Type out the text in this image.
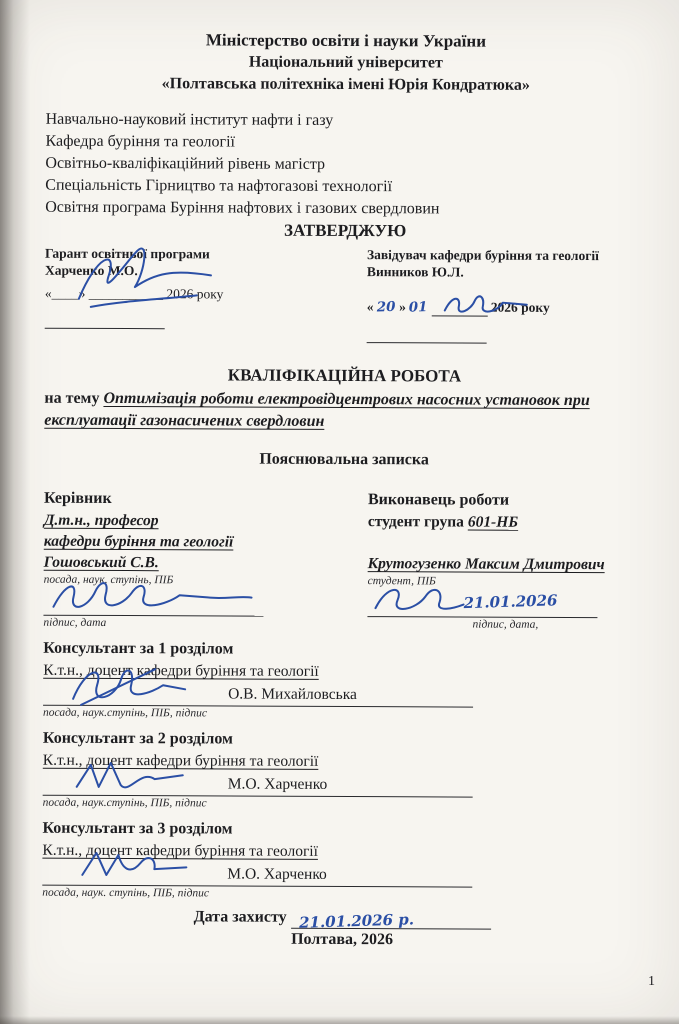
Міністерство освіти і науки України
Національний університет
«Полтавська політехніка імені Юрія Кондратюка»
Навчально-науковий інститут нафти і газу
Кафедра буріння та геології
Освітньо-кваліфікаційний рівень магістр
Спеціальність Гірництво та нафтогазові технології
Освітня програма Буріння нафтових і газових свердловин
ЗАТВЕРДЖУЮ
Гарант освітньої програми
Харченко М.О.
«____» ___________ 2026 року
Завідувач кафедри буріння та геології
Винников Ю.Л.
« 20 » 01	2026 року
КВАЛІФІКАЦІЙНА РОБОТА
на тему Оптимізація роботи електровідцентрових насосних установок при
експлуатації газонасичених свердловин
Пояснювальна записка
Керівник
Д.т.н., професор
кафедри буріння та геології
Гошовський С.В.
посада, наук. ступінь, ПІБ
підпис, дата
Виконавець роботи
студент група 601-НБ
Крутогузенко Максим Дмитрович
студент, ПІБ
21.01.2026
підпис, дата,
Консультант за 1 розділом
К.т.н., доцент кафедри буріння та геології
О.В. Михайловська
посада, наук.ступінь, ПІБ, підпис
Консультант за 2 розділом
К.т.н., доцент кафедри буріння та геології
М.О. Харченко
посада, наук.ступінь, ПІБ, підпис
Консультант за 3 розділом
К.т.н., доцент кафедри буріння та геології
М.О. Харченко
посада, наук. ступінь, ПІБ, підпис
Дата захисту 21.01.2026 р.
Полтава, 2026
1
